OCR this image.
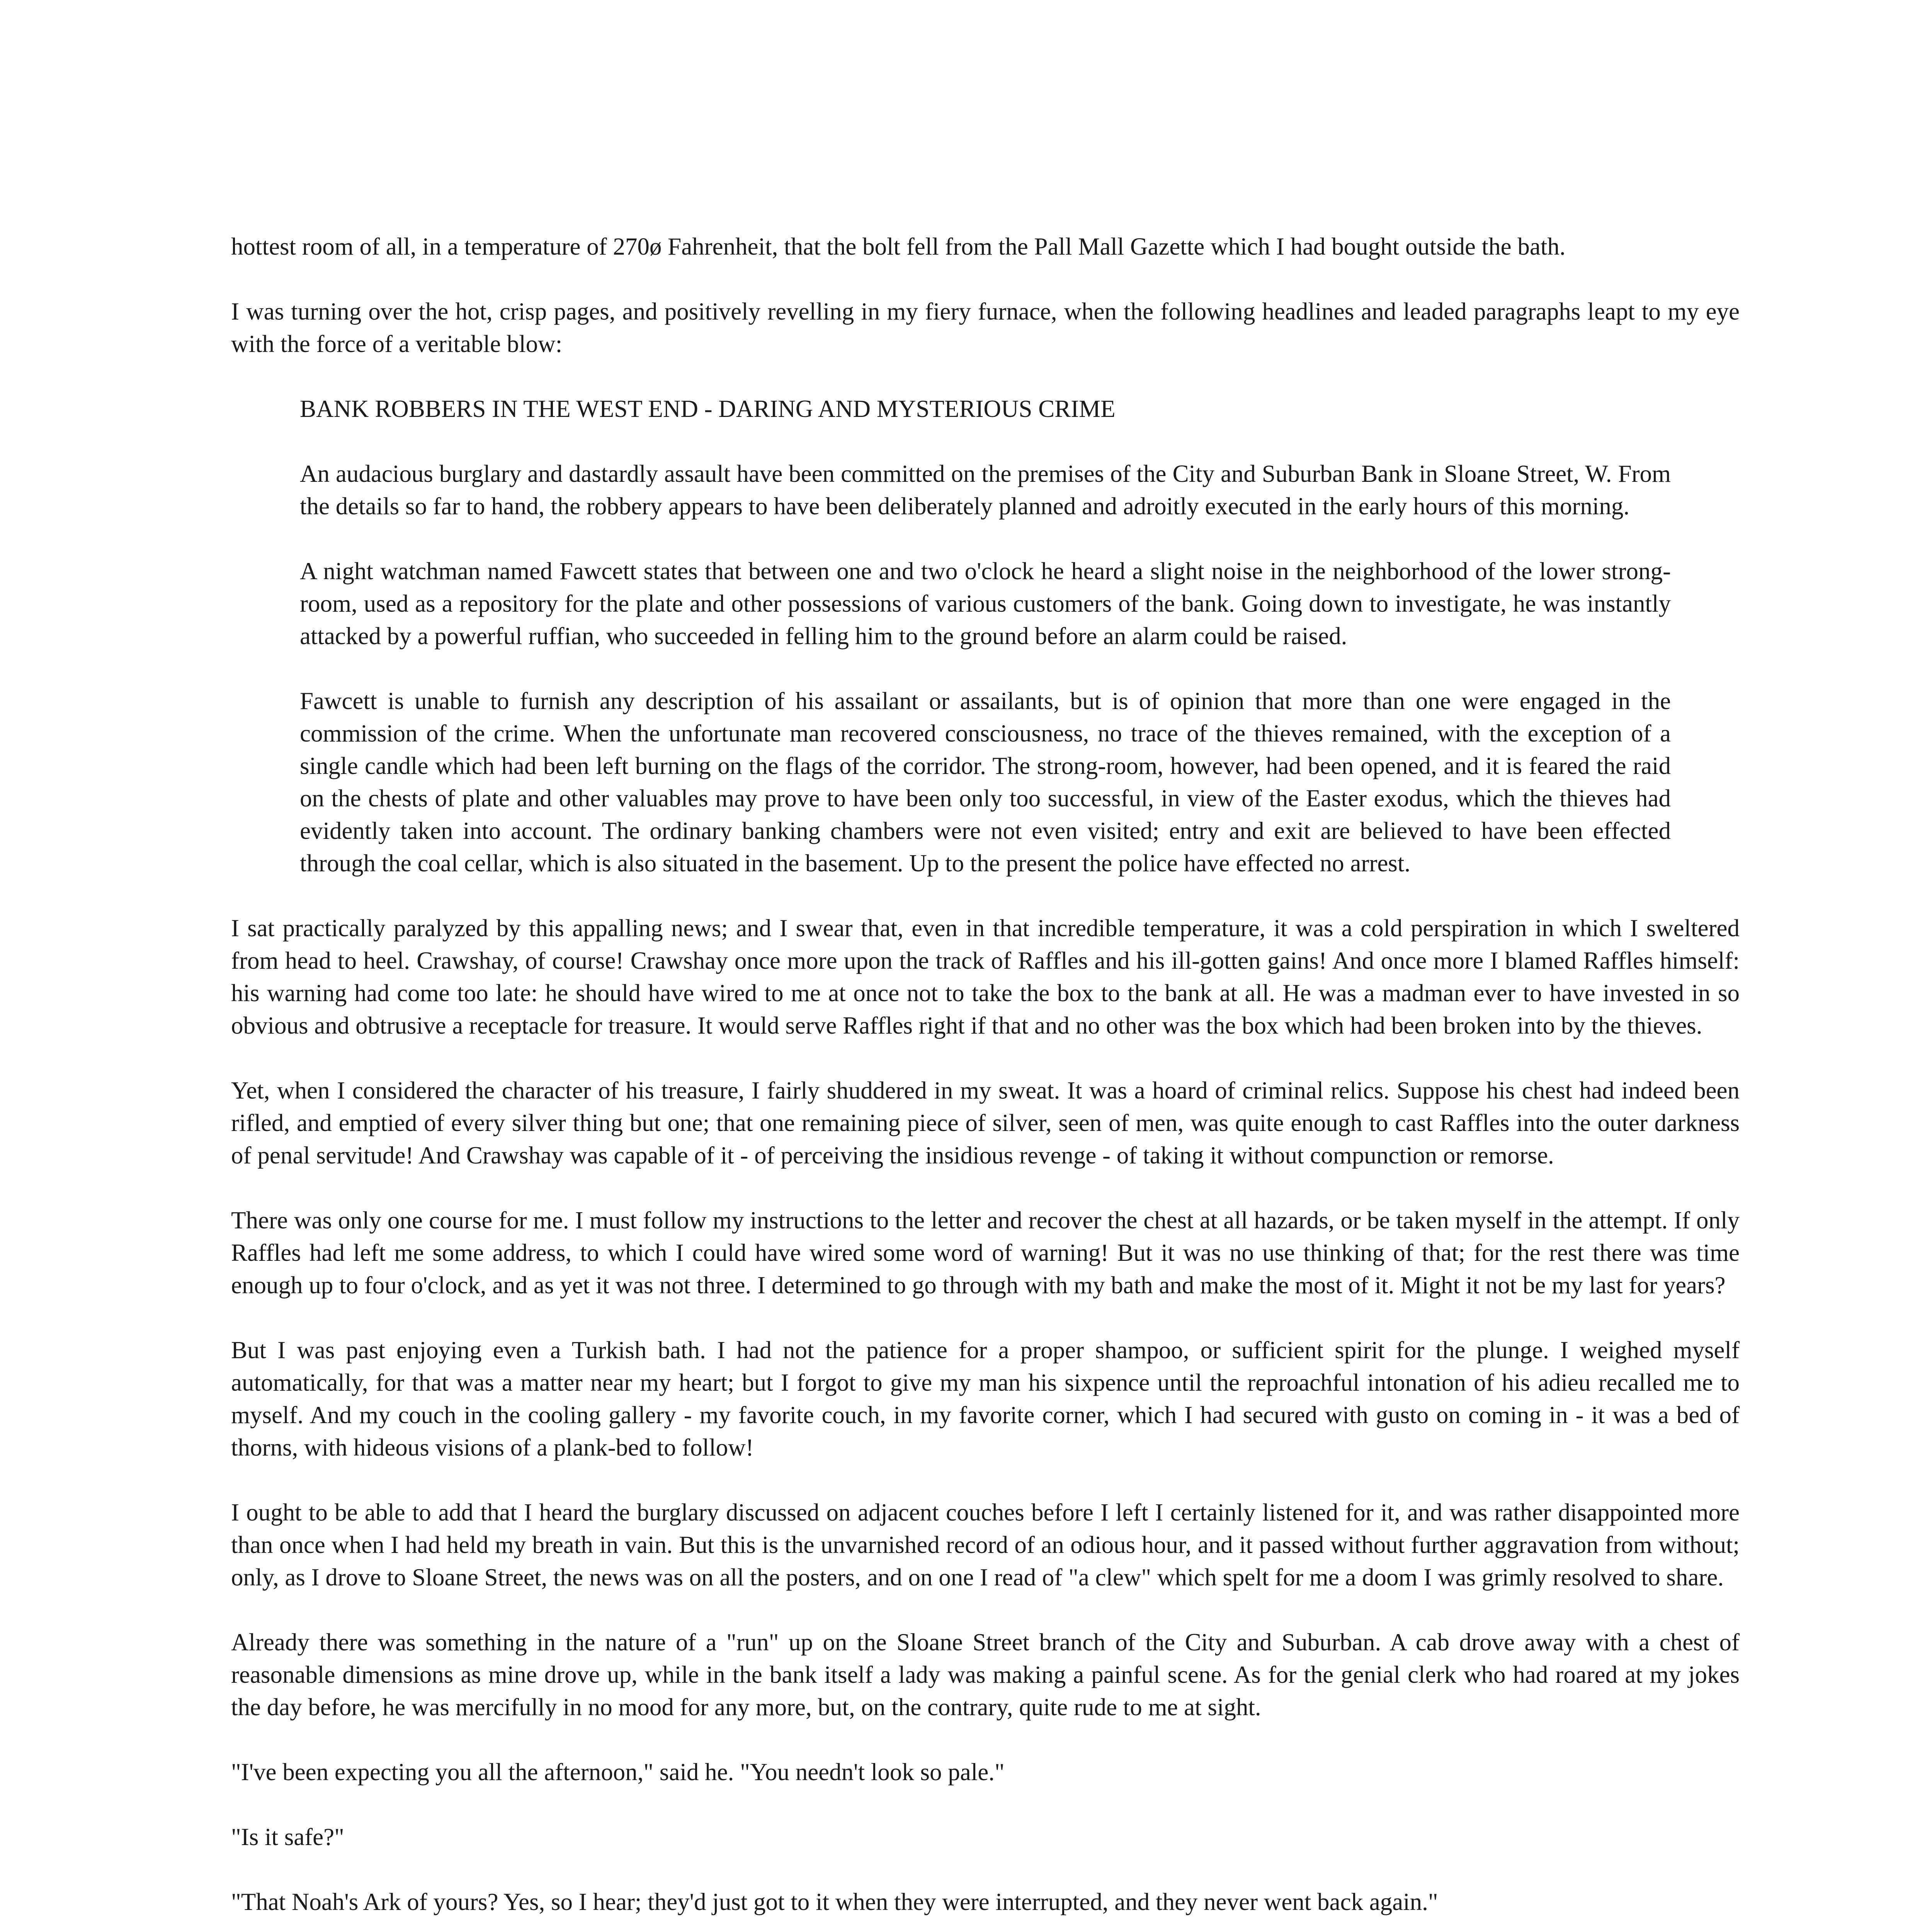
hottest room of all, in a temperature of 270ø Fahrenheit, that the bolt fell from the Pall Mall Gazette which I had bought outside the bath.

I was turning over the hot, crisp pages, and positively revelling in my fiery furnace, when the following headlines and leaded paragraphs leapt to my eye with the force of a veritable blow:

BANK ROBBERS IN THE WEST END - DARING AND MYSTERIOUS CRIME

An audacious burglary and dastardly assault have been committed on the premises of the City and Suburban Bank in Sloane Street, W. From the details so far to hand, the robbery appears to have been deliberately planned and adroitly executed in the early hours of this morning.

A night watchman named Fawcett states that between one and two o'clock he heard a slight noise in the neighborhood of the lower strong-room, used as a repository for the plate and other possessions of various customers of the bank. Going down to investigate, he was instantly attacked by a powerful ruffian, who succeeded in felling him to the ground before an alarm could be raised.

Fawcett is unable to furnish any description of his assailant or assailants, but is of opinion that more than one were engaged in the commission of the crime. When the unfortunate man recovered consciousness, no trace of the thieves remained, with the exception of a single candle which had been left burning on the flags of the corridor. The strong-room, however, had been opened, and it is feared the raid on the chests of plate and other valuables may prove to have been only too successful, in view of the Easter exodus, which the thieves had evidently taken into account. The ordinary banking chambers were not even visited; entry and exit are believed to have been effected through the coal cellar, which is also situated in the basement. Up to the present the police have effected no arrest.

I sat practically paralyzed by this appalling news; and I swear that, even in that incredible temperature, it was a cold perspiration in which I sweltered from head to heel. Crawshay, of course! Crawshay once more upon the track of Raffles and his ill-gotten gains! And once more I blamed Raffles himself: his warning had come too late: he should have wired to me at once not to take the box to the bank at all. He was a madman ever to have invested in so obvious and obtrusive a receptacle for treasure. It would serve Raffles right if that and no other was the box which had been broken into by the thieves.

Yet, when I considered the character of his treasure, I fairly shuddered in my sweat. It was a hoard of criminal relics. Suppose his chest had indeed been rifled, and emptied of every silver thing but one; that one remaining piece of silver, seen of men, was quite enough to cast Raffles into the outer darkness of penal servitude! And Crawshay was capable of it - of perceiving the insidious revenge - of taking it without compunction or remorse.

There was only one course for me. I must follow my instructions to the letter and recover the chest at all hazards, or be taken myself in the attempt. If only Raffles had left me some address, to which I could have wired some word of warning! But it was no use thinking of that; for the rest there was time enough up to four o'clock, and as yet it was not three. I determined to go through with my bath and make the most of it. Might it not be my last for years?

But I was past enjoying even a Turkish bath. I had not the patience for a proper shampoo, or sufficient spirit for the plunge. I weighed myself automatically, for that was a matter near my heart; but I forgot to give my man his sixpence until the reproachful intonation of his adieu recalled me to myself. And my couch in the cooling gallery - my favorite couch, in my favorite corner, which I had secured with gusto on coming in - it was a bed of thorns, with hideous visions of a plank-bed to follow!

I ought to be able to add that I heard the burglary discussed on adjacent couches before I left I certainly listened for it, and was rather disappointed more than once when I had held my breath in vain. But this is the unvarnished record of an odious hour, and it passed without further aggravation from without; only, as I drove to Sloane Street, the news was on all the posters, and on one I read of "a clew" which spelt for me a doom I was grimly resolved to share.

Already there was something in the nature of a "run" up on the Sloane Street branch of the City and Suburban. A cab drove away with a chest of reasonable dimensions as mine drove up, while in the bank itself a lady was making a painful scene. As for the genial clerk who had roared at my jokes the day before, he was mercifully in no mood for any more, but, on the contrary, quite rude to me at sight.

"I've been expecting you all the afternoon," said he. "You needn't look so pale."

"Is it safe?"

"That Noah's Ark of yours? Yes, so I hear; they'd just got to it when they were interrupted, and they never went back again."
